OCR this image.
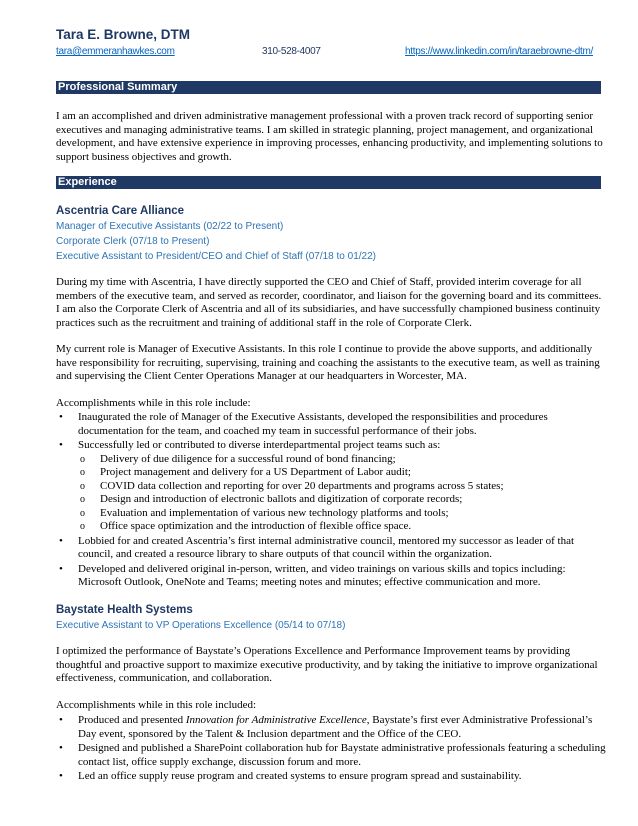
Tara E. Browne, DTM
tara@emmeranhawkes.com	310-528-4007	https://www.linkedin.com/in/taraebrowne-dtm/
Professional Summary

I am an accomplished and driven administrative management professional with a proven track record of supporting senior executives and managing administrative teams. I am skilled in strategic planning, project management, and organizational development, and have extensive experience in improving processes, enhancing productivity, and implementing solutions to support business objectives and growth.

Experience
Ascentria Care Alliance
Manager of Executive Assistants (02/22 to Present)
Corporate Clerk (07/18 to Present)
Executive Assistant to President/CEO and Chief of Staff (07/18 to 01/22)

During my time with Ascentria, I have directly supported the CEO and Chief of Staff, provided interim coverage for all members of the executive team, and served as recorder, coordinator, and liaison for the governing board and its committees. I am also the Corporate Clerk of Ascentria and all of its subsidiaries, and have successfully championed business continuity practices such as the recruitment and training of additional staff in the role of Corporate Clerk.

My current role is Manager of Executive Assistants. In this role I continue to provide the above supports, and additionally have responsibility for recruiting, supervising, training and coaching the assistants to the executive team, as well as training and supervising the Client Center Operations Manager at our headquarters in Worcester, MA.

Accomplishments while in this role include:

• Inaugurated the role of Manager of the Executive Assistants, developed the responsibilities and procedures documentation for the team, and coached my team in successful performance of their jobs.
• Successfully led or contributed to diverse interdepartmental project teams such as:
o Delivery of due diligence for a successful round of bond financing;
o Project management and delivery for a US Department of Labor audit;
o COVID data collection and reporting for over 20 departments and programs across 5 states;
o Design and introduction of electronic ballots and digitization of corporate records;
o Evaluation and implementation of various new technology platforms and tools;
o Office space optimization and the introduction of flexible office space.
• Lobbied for and created Ascentria’s first internal administrative council, mentored my successor as leader of that council, and created a resource library to share outputs of that council within the organization.
• Developed and delivered original in-person, written, and video trainings on various skills and topics including: Microsoft Outlook, OneNote and Teams; meeting notes and minutes; effective communication and more.
Baystate Health Systems
Executive Assistant to VP Operations Excellence (05/14 to 07/18)

I optimized the performance of Baystate’s Operations Excellence and Performance Improvement teams by providing thoughtful and proactive support to maximize executive productivity, and by taking the initiative to improve organizational effectiveness, communication, and collaboration.

Accomplishments while in this role included:

• Produced and presented Innovation for Administrative Excellence, Baystate’s first ever Administrative Professional’s Day event, sponsored by the Talent & Inclusion department and the Office of the CEO.
• Designed and published a SharePoint collaboration hub for Baystate administrative professionals featuring a scheduling contact list, office supply exchange, discussion forum and more.
• Led an office supply reuse program and created systems to ensure program spread and sustainability.
